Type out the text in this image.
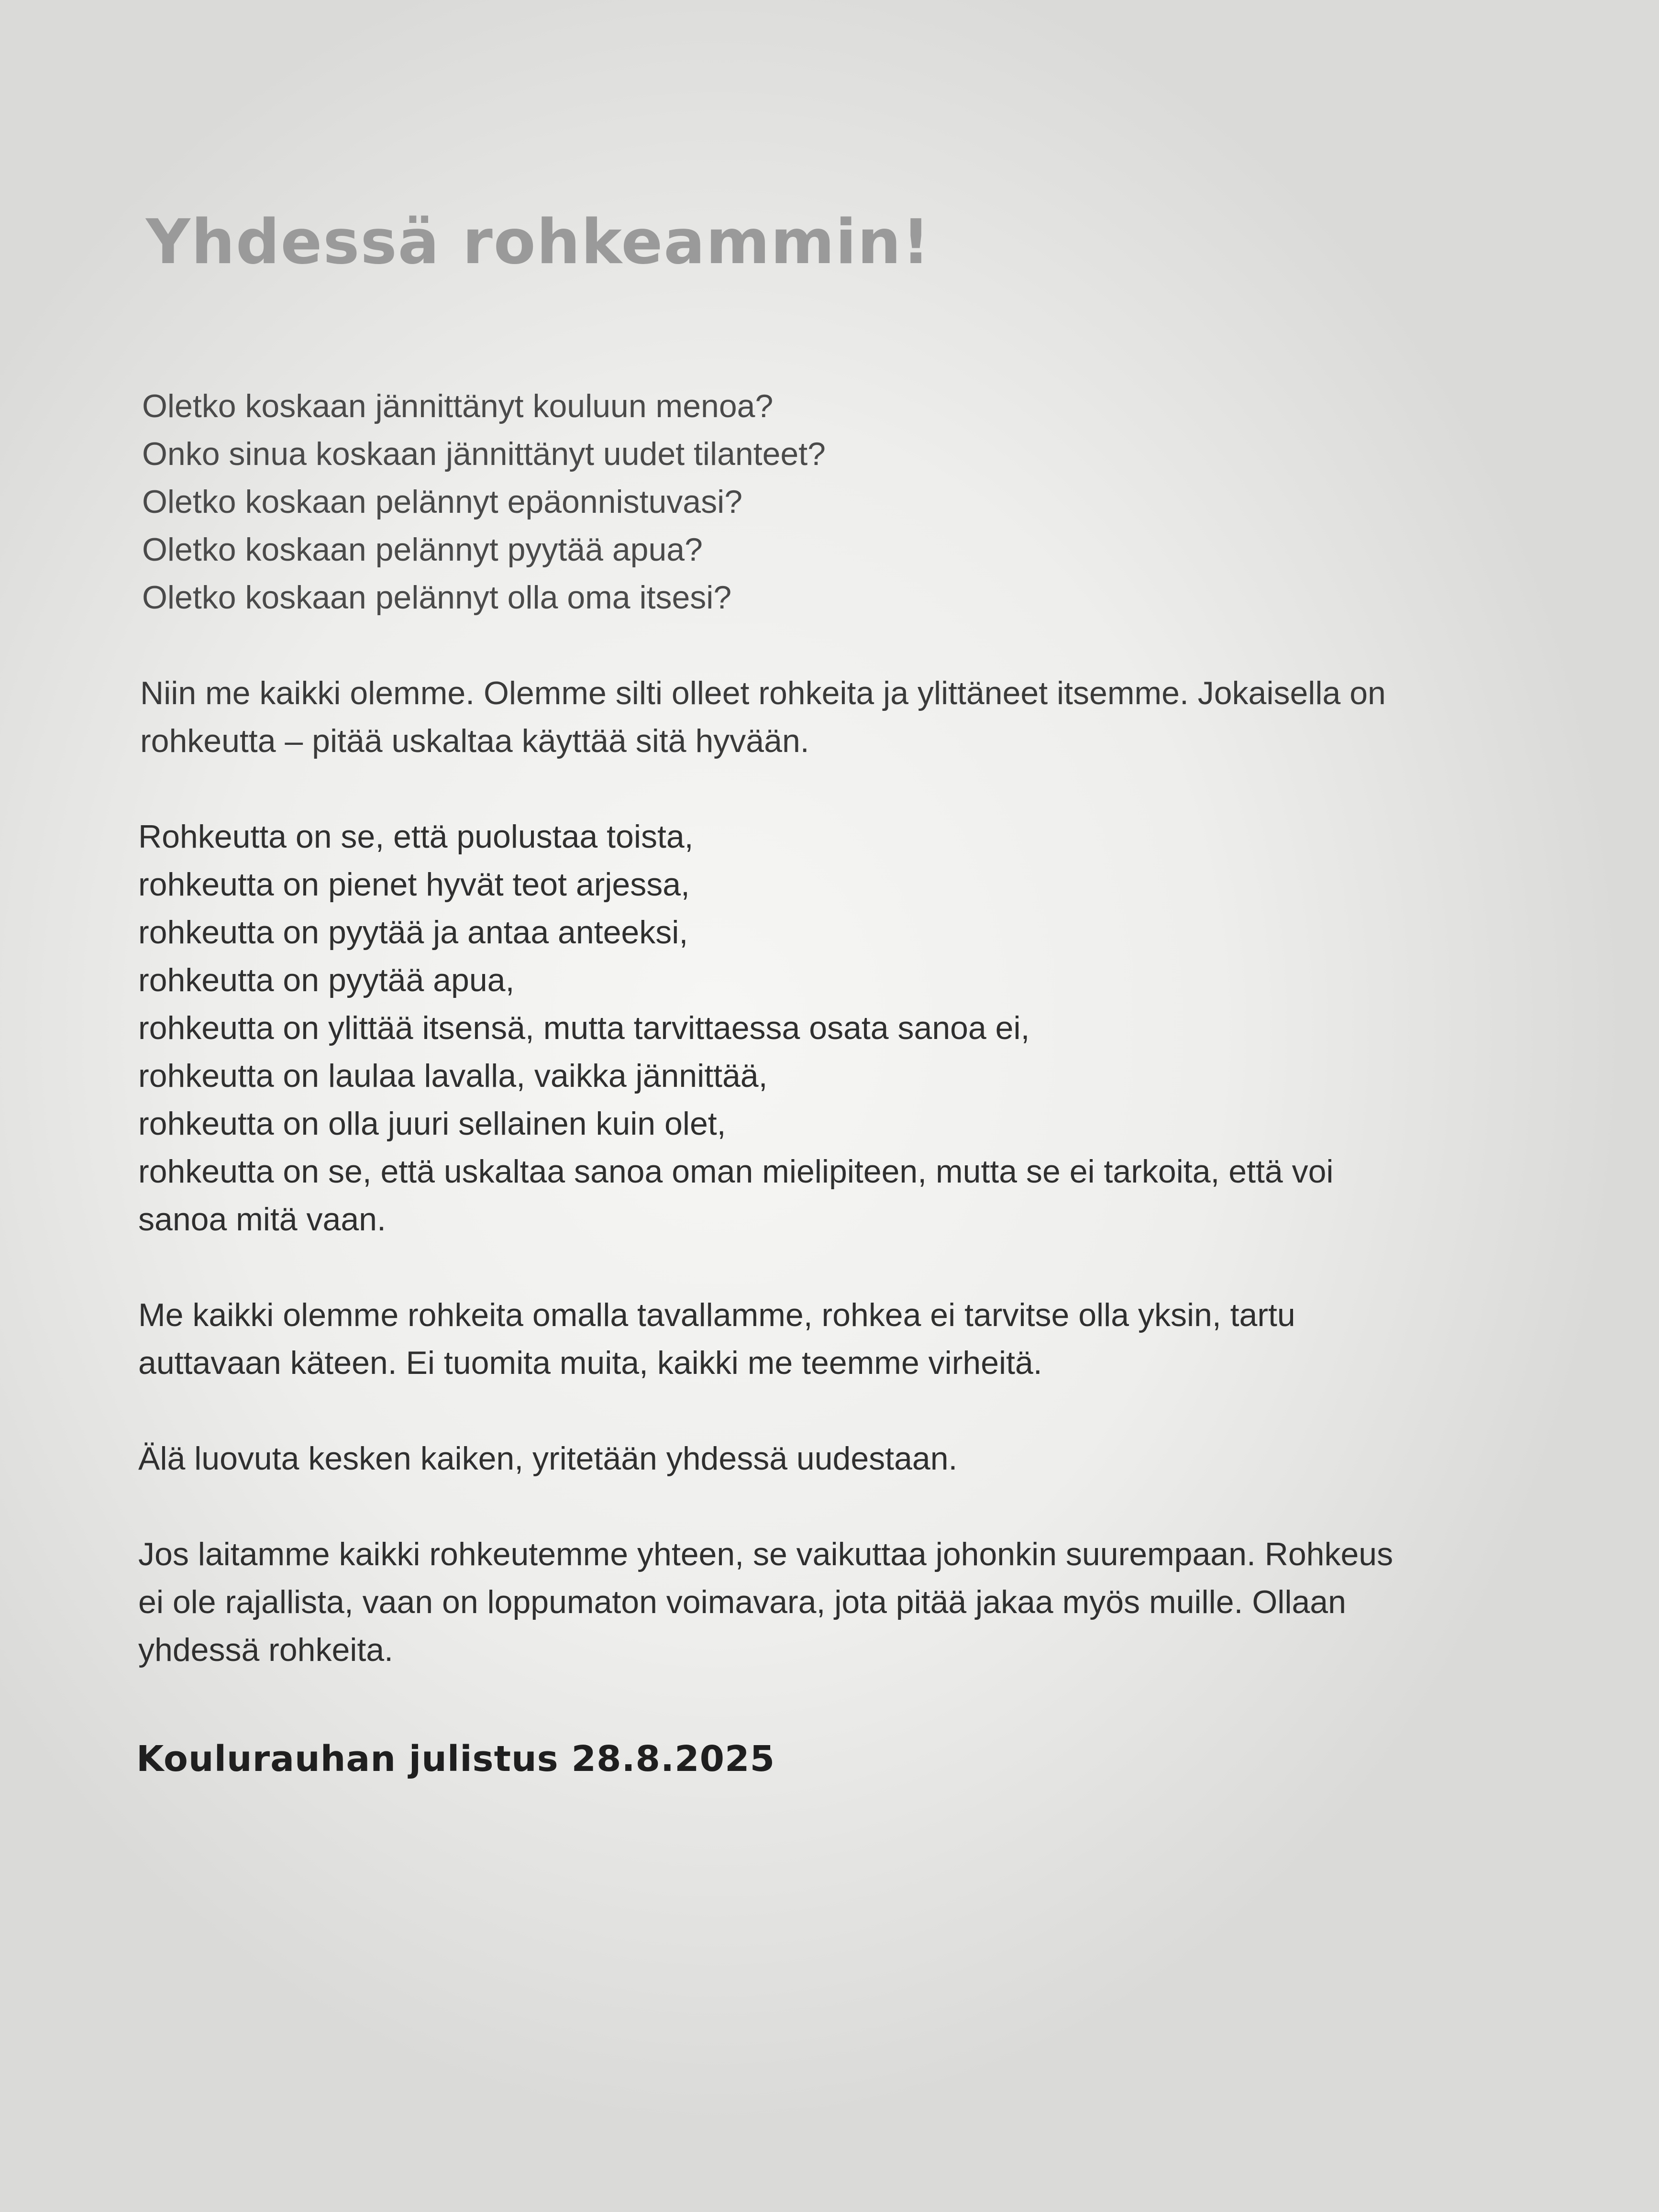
Yhdessä rohkeammin!
Oletko koskaan jännittänyt kouluun menoa?
Onko sinua koskaan jännittänyt uudet tilanteet?
Oletko koskaan pelännyt epäonnistuvasi?
Oletko koskaan pelännyt pyytää apua?
Oletko koskaan pelännyt olla oma itsesi?
Niin me kaikki olemme. Olemme silti olleet rohkeita ja ylittäneet itsemme. Jokaisella on
rohkeutta – pitää uskaltaa käyttää sitä hyvään.
Rohkeutta on se, että puolustaa toista,
rohkeutta on pienet hyvät teot arjessa,
rohkeutta on pyytää ja antaa anteeksi,
rohkeutta on pyytää apua,
rohkeutta on ylittää itsensä, mutta tarvittaessa osata sanoa ei,
rohkeutta on laulaa lavalla, vaikka jännittää,
rohkeutta on olla juuri sellainen kuin olet,
rohkeutta on se, että uskaltaa sanoa oman mielipiteen, mutta se ei tarkoita, että voi
sanoa mitä vaan.
Me kaikki olemme rohkeita omalla tavallamme, rohkea ei tarvitse olla yksin, tartu
auttavaan käteen. Ei tuomita muita, kaikki me teemme virheitä.
Älä luovuta kesken kaiken, yritetään yhdessä uudestaan.
Jos laitamme kaikki rohkeutemme yhteen, se vaikuttaa johonkin suurempaan. Rohkeus
ei ole rajallista, vaan on loppumaton voimavara, jota pitää jakaa myös muille. Ollaan
yhdessä rohkeita.
Koulurauhan julistus 28.8.2025
